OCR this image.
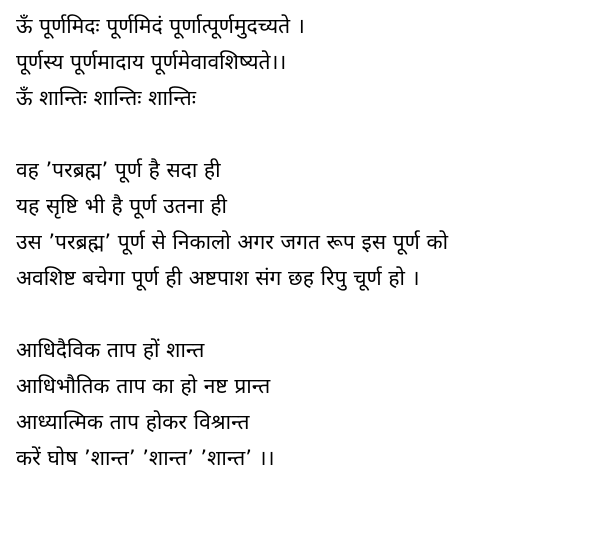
ऊँ पूर्णमिदः पूर्णमिदं पूर्णात्पूर्णमुदच्यते ।
पूर्णस्य पूर्णमादाय पूर्णमेवावशिष्यते।।
ऊँ शान्तिः शान्तिः शान्तिः
वह ’परब्रह्म’ पूर्ण है सदा ही
यह सृष्टि भी है पूर्ण उतना ही
उस ’परब्रह्म’ पूर्ण से निकालो अगर जगत रूप इस पूर्ण को
अवशिष्ट बचेगा पूर्ण ही अष्टपाश संग छह रिपु चूर्ण हो ।
आधिदैविक ताप हों शान्त
आधिभौतिक ताप का हो नष्ट प्रान्त
आध्यात्मिक ताप होकर विश्रान्त
करें घोष ’शान्त’ ’शान्त’ ’शान्त’ ।।
